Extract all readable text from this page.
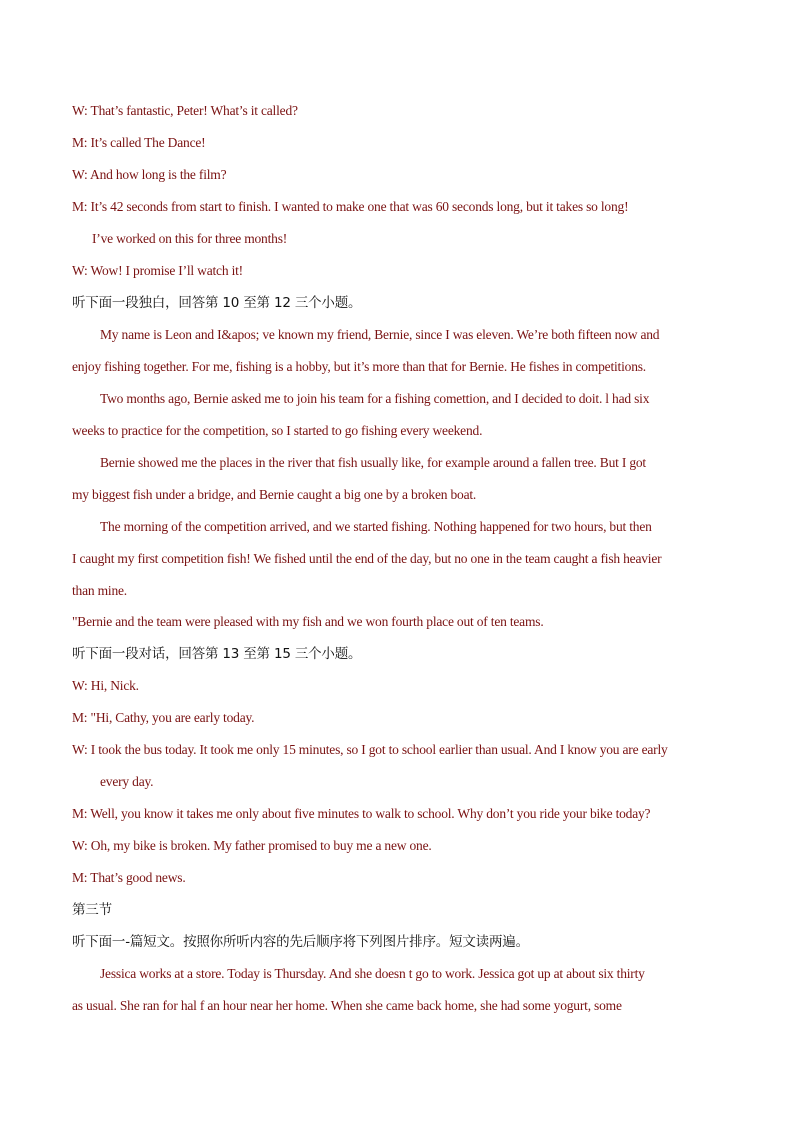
W: That’s fantastic, Peter! What’s it called?
M: It’s called The Dance!
W: And how long is the film?
M: It’s 42 seconds from start to finish. I wanted to make one that was 60 seconds long, but it takes so long!
I’ve worked on this for three months!
W: Wow! I promise I’ll watch it!
听下面一段独白，回答第 10 至第 12 三个小题。
My name is Leon and I&apos; ve known my friend, Bernie, since I was eleven. We’re both fifteen now and
enjoy fishing together. For me, fishing is a hobby, but it’s more than that for Bernie. He fishes in competitions.
Two months ago, Bernie asked me to join his team for a fishing comettion, and I decided to doit. l had six
weeks to practice for the competition, so I started to go fishing every weekend.
Bernie showed me the places in the river that fish usually like, for example around a fallen tree. But I got
my biggest fish under a bridge, and Bernie caught a big one by a broken boat.
The morning of the competition arrived, and we started fishing. Nothing happened for two hours, but then
I caught my first competition fish! We fished until the end of the day, but no one in the team caught a fish heavier
than mine.
"Bernie and the team were pleased with my fish and we won fourth place out of ten teams.
听下面一段对话，回答第 13 至第 15 三个小题。
W: Hi, Nick.
M: "Hi, Cathy, you are early today.
W: I took the bus today. It took me only 15 minutes, so I got to school earlier than usual. And I know you are early
every day.
M: Well, you know it takes me only about five minutes to walk to school. Why don’t you ride your bike today?
W: Oh, my bike is broken. My father promised to buy me a new one.
M: That’s good news.
第三节
听下面一-篇短文。按照你所听内容的先后顺序将下列图片排序。短文读两遍。
Jessica works at a store. Today is Thursday. And she doesn t go to work. Jessica got up at about six thirty
as usual. She ran for hal f an hour near her home. When she came back home, she had some yogurt, some
